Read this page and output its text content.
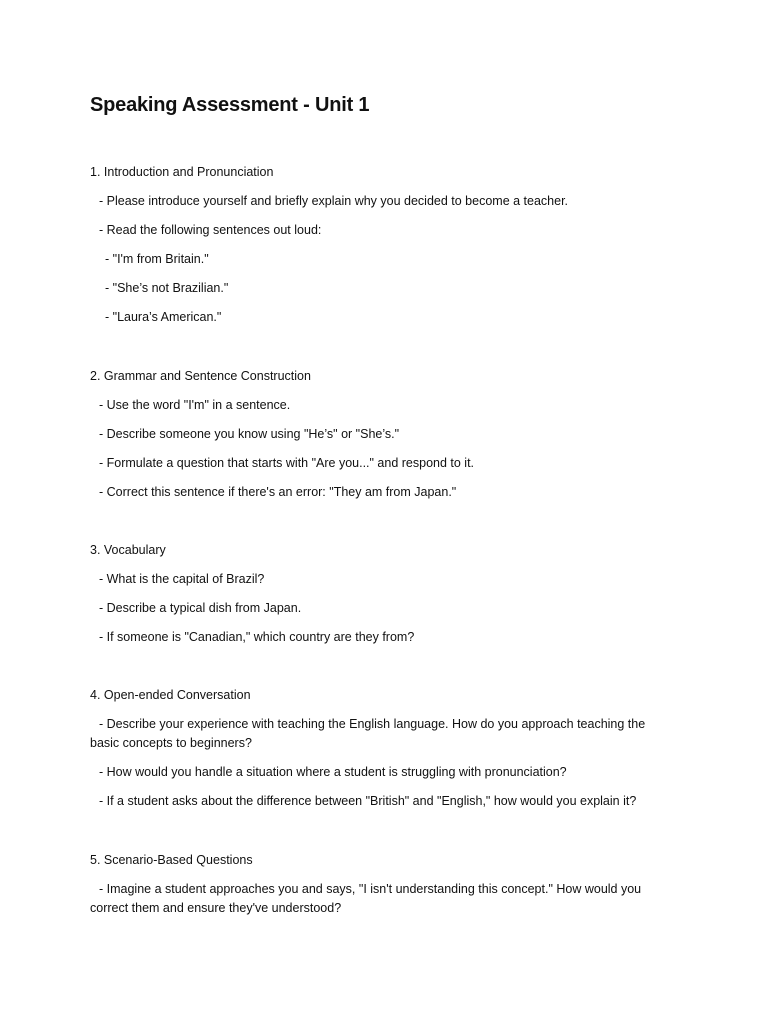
Speaking Assessment - Unit 1

1. Introduction and Pronunciation

- Please introduce yourself and briefly explain why you decided to become a teacher.

- Read the following sentences out loud:

- "I'm from Britain."

- "She’s not Brazilian."

- "Laura’s American."

2. Grammar and Sentence Construction

- Use the word "I'm" in a sentence.

- Describe someone you know using "He’s" or "She’s."

- Formulate a question that starts with "Are you..." and respond to it.

- Correct this sentence if there's an error: "They am from Japan."

3. Vocabulary

- What is the capital of Brazil?

- Describe a typical dish from Japan.

- If someone is "Canadian," which country are they from?

4. Open-ended Conversation

- Describe your experience with teaching the English language. How do you approach teaching the basic concepts to beginners?

- How would you handle a situation where a student is struggling with pronunciation?

- If a student asks about the difference between "British" and "English," how would you explain it?

5. Scenario-Based Questions

- Imagine a student approaches you and says, "I isn't understanding this concept." How would you correct them and ensure they've understood?
